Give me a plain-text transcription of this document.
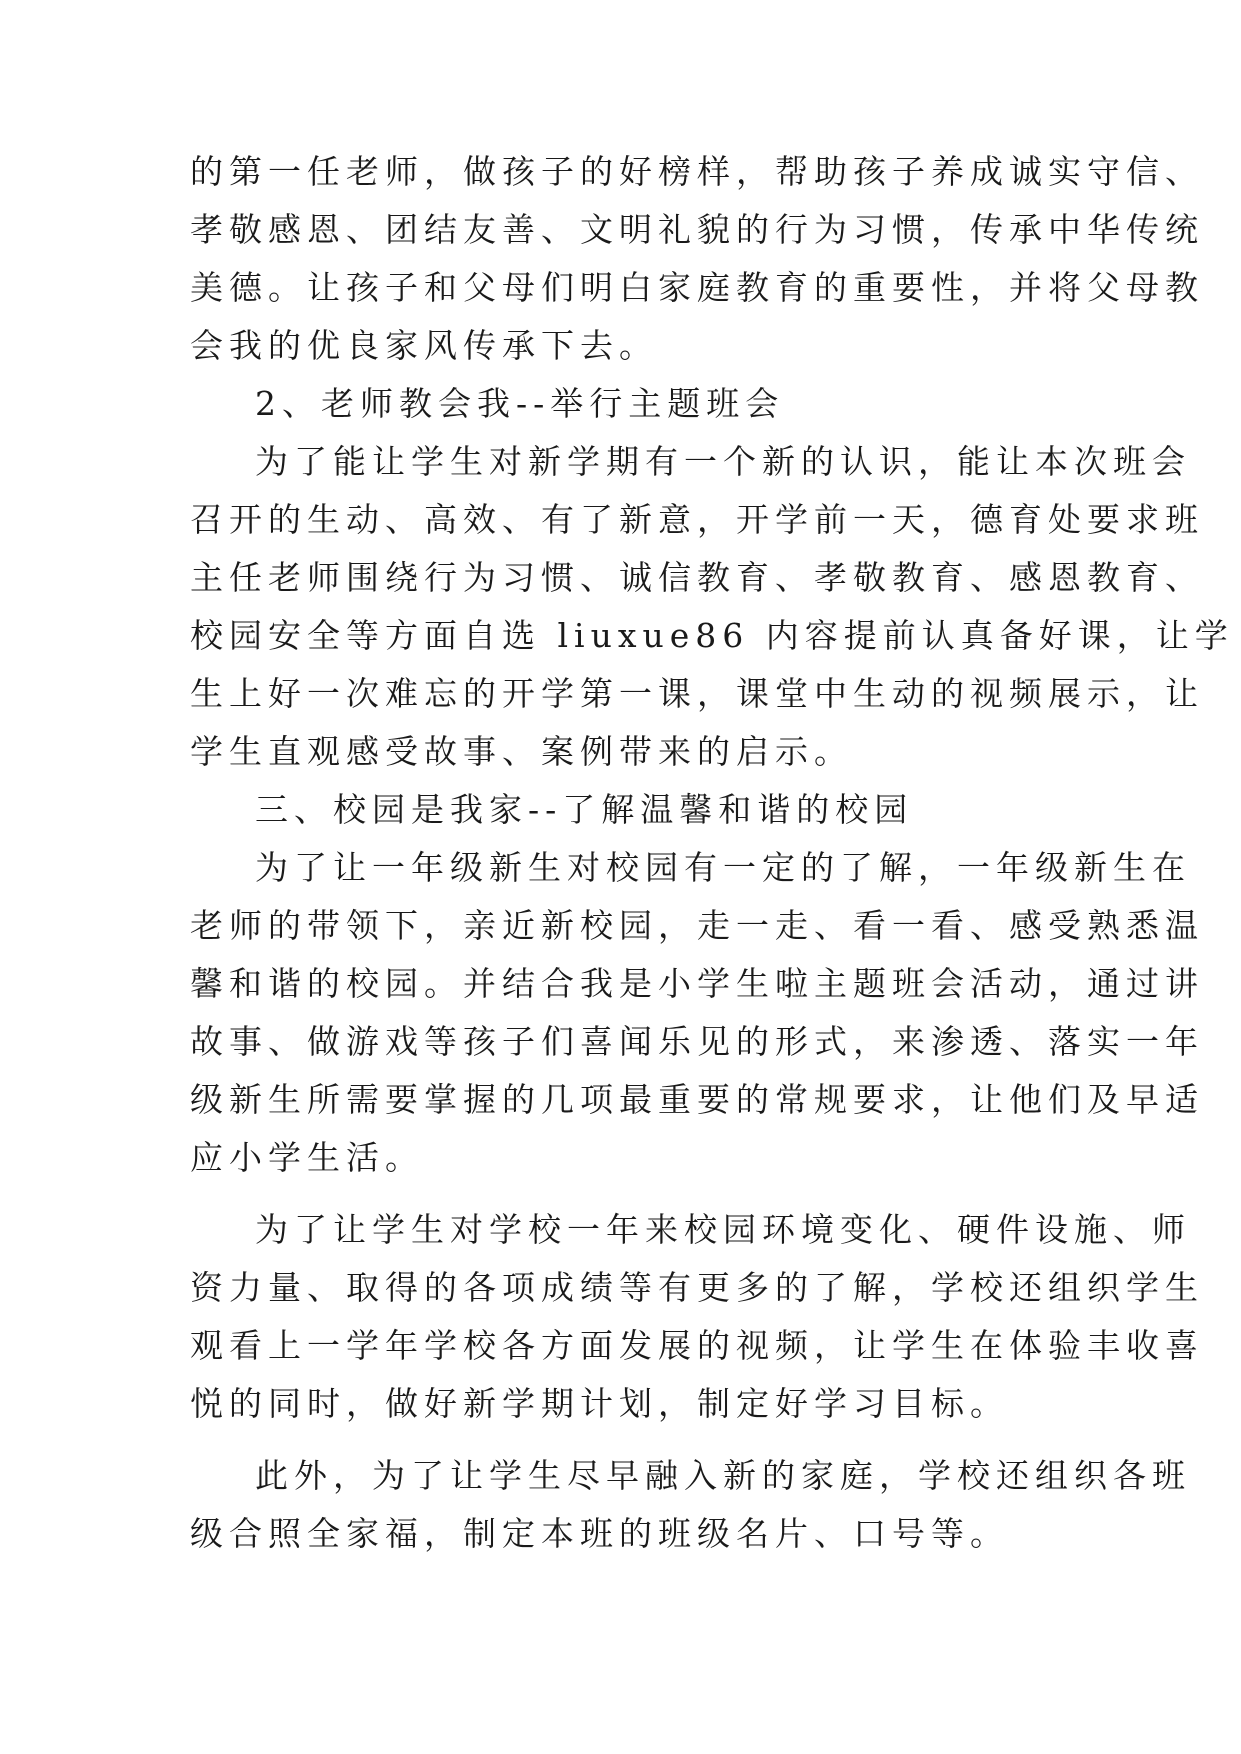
的第一任老师，做孩子的好榜样，帮助孩子养成诚实守信、
孝敬感恩、团结友善、文明礼貌的行为习惯，传承中华传统
美德。让孩子和父母们明白家庭教育的重要性，并将父母教
会我的优良家风传承下去。
2、老师教会我--举行主题班会
为了能让学生对新学期有一个新的认识，能让本次班会
召开的生动、高效、有了新意，开学前一天，德育处要求班
主任老师围绕行为习惯、诚信教育、孝敬教育、感恩教育、
校园安全等方面自选 liuxue86 内容提前认真备好课，让学
生上好一次难忘的开学第一课，课堂中生动的视频展示，让
学生直观感受故事、案例带来的启示。
三、校园是我家--了解温馨和谐的校园
为了让一年级新生对校园有一定的了解，一年级新生在
老师的带领下，亲近新校园，走一走、看一看、感受熟悉温
馨和谐的校园。并结合我是小学生啦主题班会活动，通过讲
故事、做游戏等孩子们喜闻乐见的形式，来渗透、落实一年
级新生所需要掌握的几项最重要的常规要求，让他们及早适
应小学生活。
为了让学生对学校一年来校园环境变化、硬件设施、师
资力量、取得的各项成绩等有更多的了解，学校还组织学生
观看上一学年学校各方面发展的视频，让学生在体验丰收喜
悦的同时，做好新学期计划，制定好学习目标。
此外，为了让学生尽早融入新的家庭，学校还组织各班
级合照全家福，制定本班的班级名片、口号等。
